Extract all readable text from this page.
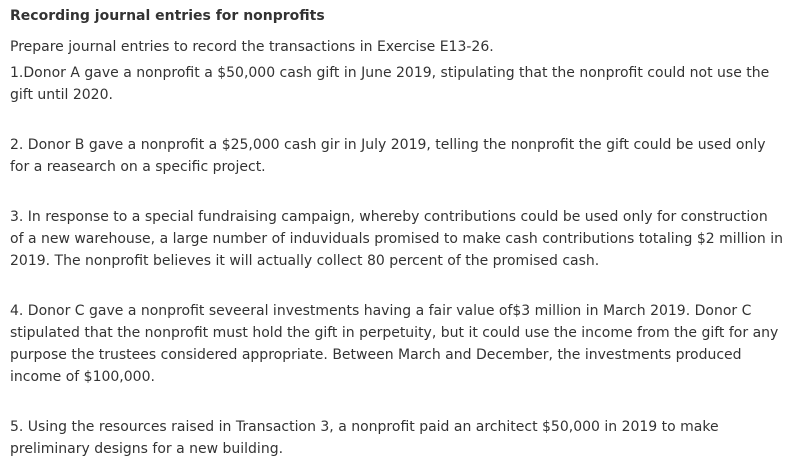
Recording journal entries for nonprofits

Prepare journal entries to record the transactions in Exercise E13-26.

1.Donor A gave a nonprofit a $50,000 cash gift in June 2019, stipulating that the nonprofit could not use the gift until 2020.

2. Donor B gave a nonprofit a $25,000 cash gir in July 2019, telling the nonprofit the gift could be used only for a reasearch on a specific project.

3. In response to a special fundraising campaign, whereby contributions could be used only for construction of a new warehouse, a large number of induviduals promised to make cash contributions totaling $2 million in 2019. The nonprofit believes it will actually collect 80 percent of the promised cash.

4. Donor C gave a nonprofit seveeral investments having a fair value of$3 million in March 2019. Donor C stipulated that the nonprofit must hold the gift in perpetuity, but it could use the income from the gift for any purpose the trustees considered appropriate. Between March and December, the investments produced income of $100,000.

5. Using the resources raised in Transaction 3, a nonprofit paid an architect $50,000 in 2019 to make preliminary designs for a new building.
